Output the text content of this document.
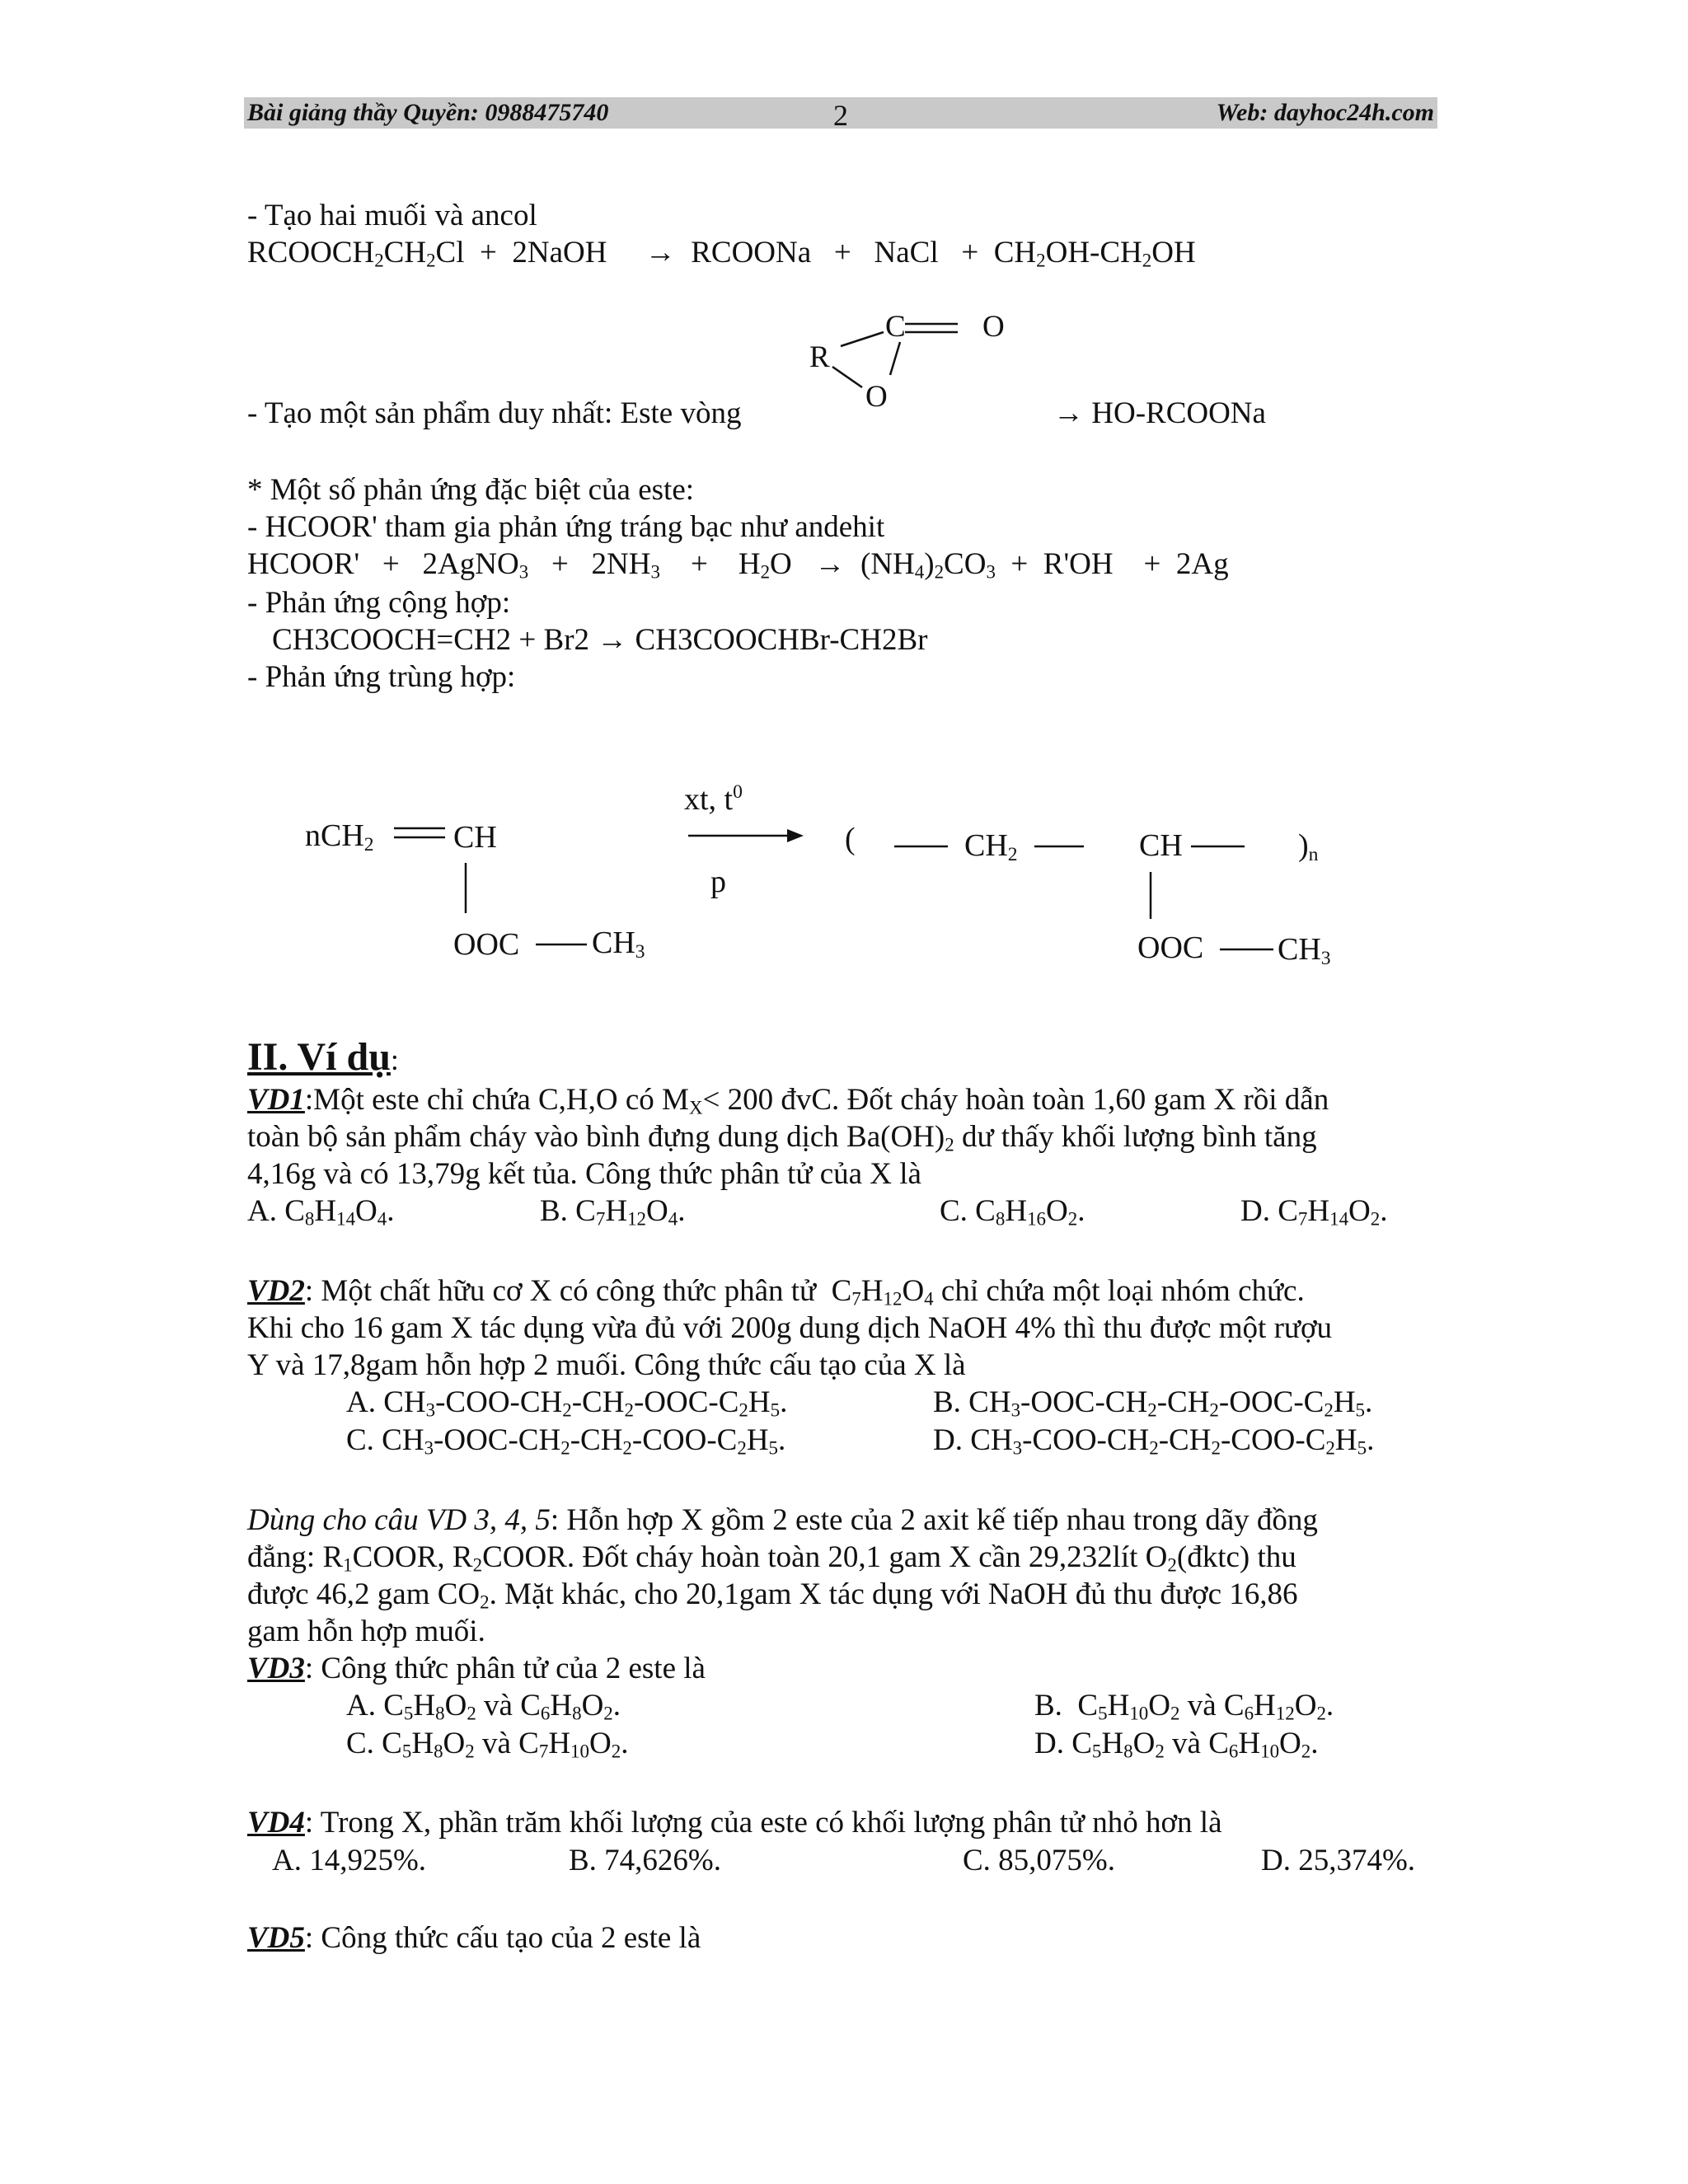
Bài giảng thầy Quyền: 0988475740	2	Web: dayhoc24h.com
- Tạo hai muối và ancol
$RCOOCH_2CH_2Cl$  +  2NaOH     →  RCOONa   +   NaCl   +  $CH_2OH-CH_2OH$
C	O
R
O
- Tạo một sản phẩm duy nhất: Este vòng	→ HO-RCOONa
* Một số phản ứng đặc biệt của este:
- HCOOR' tham gia phản ứng tráng bạc như andehit
HCOOR'   +   2AgNO$_3$   +   $2NH_3$    +    $H_2O \to (NH_4)_2CO_3 + R'OH$    +  2Ag
- Phản ứng cộng hợp:
CH3COOCH=CH2 + Br2 → CH3COOCHBr-CH2Br
- Phản ứng trùng hợp:
nCH$_2$	CH
OOC $CH_3$
xt, $t^0$
p
(	$CH_2$	CH	)$_n$
OOC $CH_3$
II. Ví dụ:
VD1:Một este chỉ chứa C,H,O có $M_X< 200$ đvC. Đốt cháy hoàn toàn 1,60 gam X rồi dẫn
toàn bộ sản phẩm cháy vào bình đựng dung dịch $Ba(OH)_2$ dư thấy khối lượng bình tăng
4,16g và có 13,79g kết tủa. Công thức phân tử của X là
A. $C_8H_{14}O_4$.	B. $C_7H_{12}O_4$.	C. $C_8H_{16}O_2$.	D. $C_7H_{14}O_2$.
VD2: Một chất hữu cơ X có công thức phân tử  $C_7H_{12}O_4$ chỉ chứa một loại nhóm chức.
Khi cho 16 gam X tác dụng vừa đủ với 200g dung dịch NaOH 4% thì thu được một rượu
Y và 17,8gam hỗn hợp 2 muối. Công thức cấu tạo của X là
A. $CH_3-COO-CH_2-CH_2-OOC-C_2H_5$.	B. $CH_3-OOC-CH_2-CH_2-OOC-C_2H_5$.
C. $CH_3-OOC-CH_2-CH_2-COO-C_2H_5$.	D. $CH_3-COO-CH_2-CH_2-COO-C_2H_5$.
Dùng cho câu VD 3, 4, 5: Hỗn hợp X gồm 2 este của 2 axit kế tiếp nhau trong dãy đồng
đẳng: $R_1COOR$, $R_2COOR$. Đốt cháy hoàn toàn 20,1 gam X cần 29,232lít $O_2(đktc)$ thu
được 46,2 gam $CO_2$. Mặt khác, cho 20,1gam X tác dụng với NaOH đủ thu được 16,86
gam hỗn hợp muối.
VD3: Công thức phân tử của 2 este là
A. $C_5H_8O_2$ và $C_6H_8O_2$.	B.  $C_5H_{10}O_2$ và $C_6H_{12}O_2$.
C. $C_5H_8O_2$ và $C_7H_{10}O_2$.	D. $C_5H_8O_2$ và $C_6H_{10}O_2$.
VD4: Trong X, phần trăm khối lượng của este có khối lượng phân tử nhỏ hơn là
A. 14,925%.	B. 74,626%.	C. 85,075%.	D. 25,374%.
VD5: Công thức cấu tạo của 2 este là
